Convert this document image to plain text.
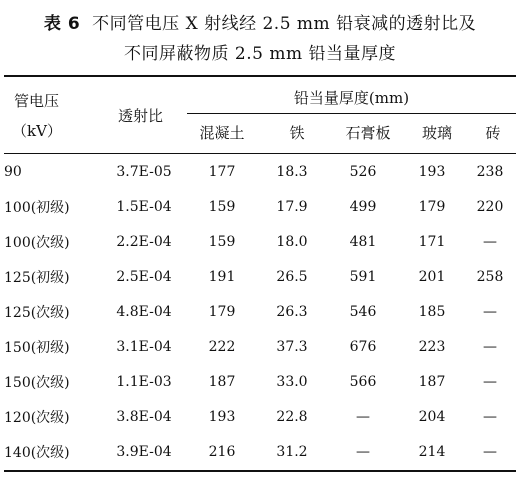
表 6 不同管电压 X 射线经 2.5 mm 铅衰减的透射比及
不同屏蔽物质 2.5 mm 铅当量厚度
管电压
（kV）
透射比
铅当量厚度(mm)
混凝土	铁	石膏板	玻璃	砖
90	3.7E-05	177	18.3	526	193	238
100(初级)	1.5E-04	159	17.9	499	179	220
100(次级)	2.2E-04	159	18.0	481	171	—
125(初级)	2.5E-04	191	26.5	591	201	258
125(次级)	4.8E-04	179	26.3	546	185	—
150(初级)	3.1E-04	222	37.3	676	223	—
150(次级)	1.1E-03	187	33.0	566	187	—
120(次级)	3.8E-04	193	22.8	—	204	—
140(次级)	3.9E-04	216	31.2	—	214	—
